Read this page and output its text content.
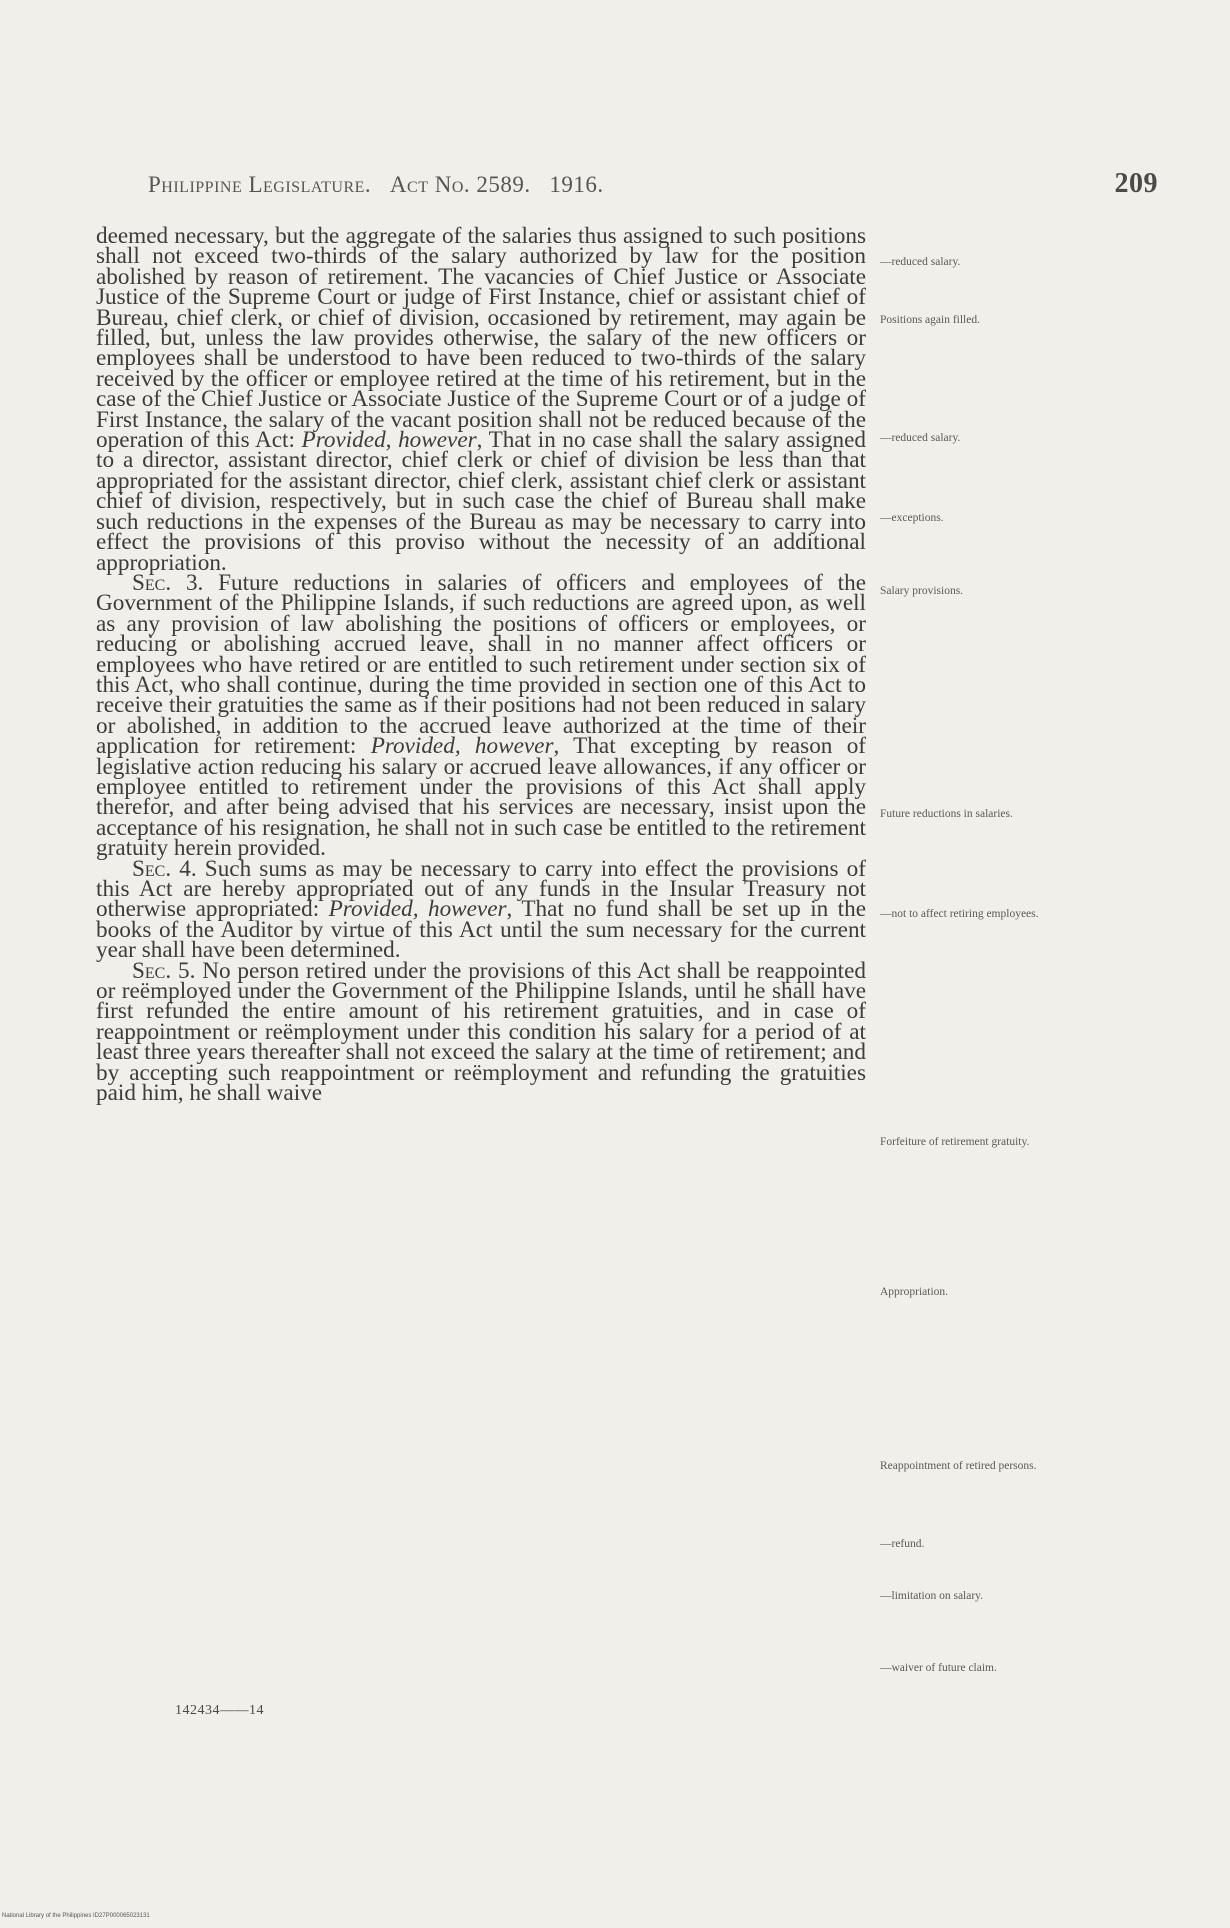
Philippine Legislature. Act No. 2589.   1916.	209

deemed necessary, but the aggregate of the salaries thus assigned to such positions shall not exceed two-thirds of the salary authorized by law for the position abolished by reason of retirement. The vacancies of Chief Justice or Associate Justice of the Supreme Court or judge of First Instance, chief or assistant chief of Bureau, chief clerk, or chief of division, occasioned by retirement, may again be filled, but, unless the law provides otherwise, the salary of the new officers or employees shall be understood to have been reduced to two-thirds of the salary received by the officer or employee retired at the time of his retirement, but in the case of the Chief Justice or Associate Justice of the Supreme Court or of a judge of First Instance, the salary of the vacant position shall not be reduced because of the operation of this Act: Provided, however, That in no case shall the salary assigned to a director, assistant director, chief clerk or chief of division be less than that appropriated for the assistant director, chief clerk, assistant chief clerk or assistant chief of division, respectively, but in such case the chief of Bureau shall make such reductions in the expenses of the Bureau as may be necessary to carry into effect the provisions of this proviso without the necessity of an additional appropriation.

Sec. 3. Future reductions in salaries of officers and employees of the Government of the Philippine Islands, if such reductions are agreed upon, as well as any provision of law abolishing the positions of officers or employees, or reducing or abolishing accrued leave, shall in no manner affect officers or employees who have retired or are entitled to such retirement under section six of this Act, who shall continue, during the time provided in section one of this Act to receive their gratuities the same as if their positions had not been reduced in salary or abolished, in addition to the accrued leave authorized at the time of their application for retirement: Provided, however, That excepting by reason of legislative action reducing his salary or accrued leave allowances, if any officer or employee entitled to retirement under the provisions of this Act shall apply therefor, and after being advised that his services are necessary, insist upon the acceptance of his resignation, he shall not in such case be entitled to the retirement gratuity herein provided.

Sec. 4. Such sums as may be necessary to carry into effect the provisions of this Act are hereby appropriated out of any funds in the Insular Treasury not otherwise appropriated: Provided, however, That no fund shall be set up in the books of the Auditor by virtue of this Act until the sum necessary for the current year shall have been determined.

Sec. 5. No person retired under the provisions of this Act shall be reappointed or reëmployed under the Government of the Philippine Islands, until he shall have first refunded the entire amount of his retirement gratuities, and in case of reappointment or reëmployment under this condition his salary for a period of at least three years thereafter shall not exceed the salary at the time of retirement; and by accepting such reappointment or reëmployment and refunding the gratuities paid him, he shall waive

—reduced salary.
Positions again filled.
—reduced salary.
—exceptions.
Salary provisions.
Future reductions in salaries.
—not to affect retiring employees.
Forfeiture of retirement gratuity.
Appropriation.
Reappointment of retired persons.
—refund.
—limitation on salary.
—waiver of future claim.
142434——14
National Library of the Philippines ID27P000065023131
